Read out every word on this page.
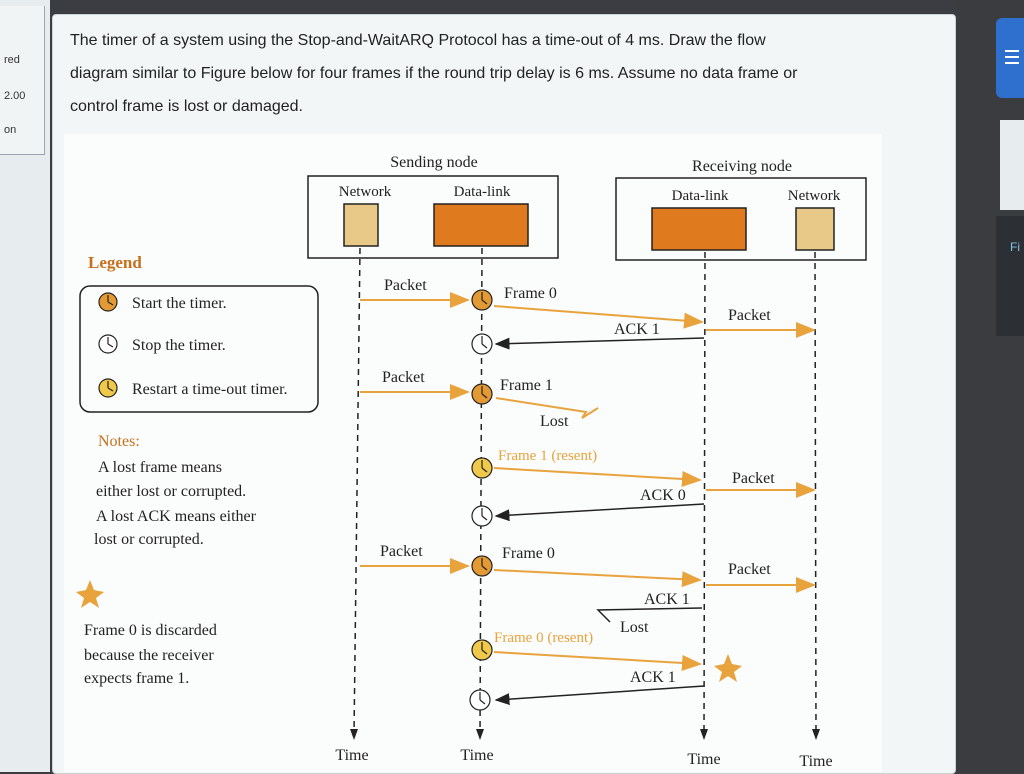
red
2.00
on
The timer of a system using the Stop-and-WaitARQ Protocol has a time-out of 4 ms. Draw the flow
diagram similar to Figure below for four frames if the round trip delay is 6 ms. Assume no data frame or
control frame is lost or damaged.
Fi
Sending node	Receiving node
Network	Data-link	Data-link	Network
Time	Time	Time	Time
Legend
Start the timer.
Stop the timer.
Restart a time-out timer.
Notes:
A lost frame means
either lost or corrupted.
A lost ACK means either
lost or corrupted.
Frame 0 is discarded
because the receiver
expects frame 1.
Packet	Frame 0
Packet
ACK 1
Packet	Frame 1
Lost
Frame 1 (resent)
Packet
ACK 0
Packet	Frame 0
Packet
ACK 1
Lost
Frame 0 (resent)
ACK 1
